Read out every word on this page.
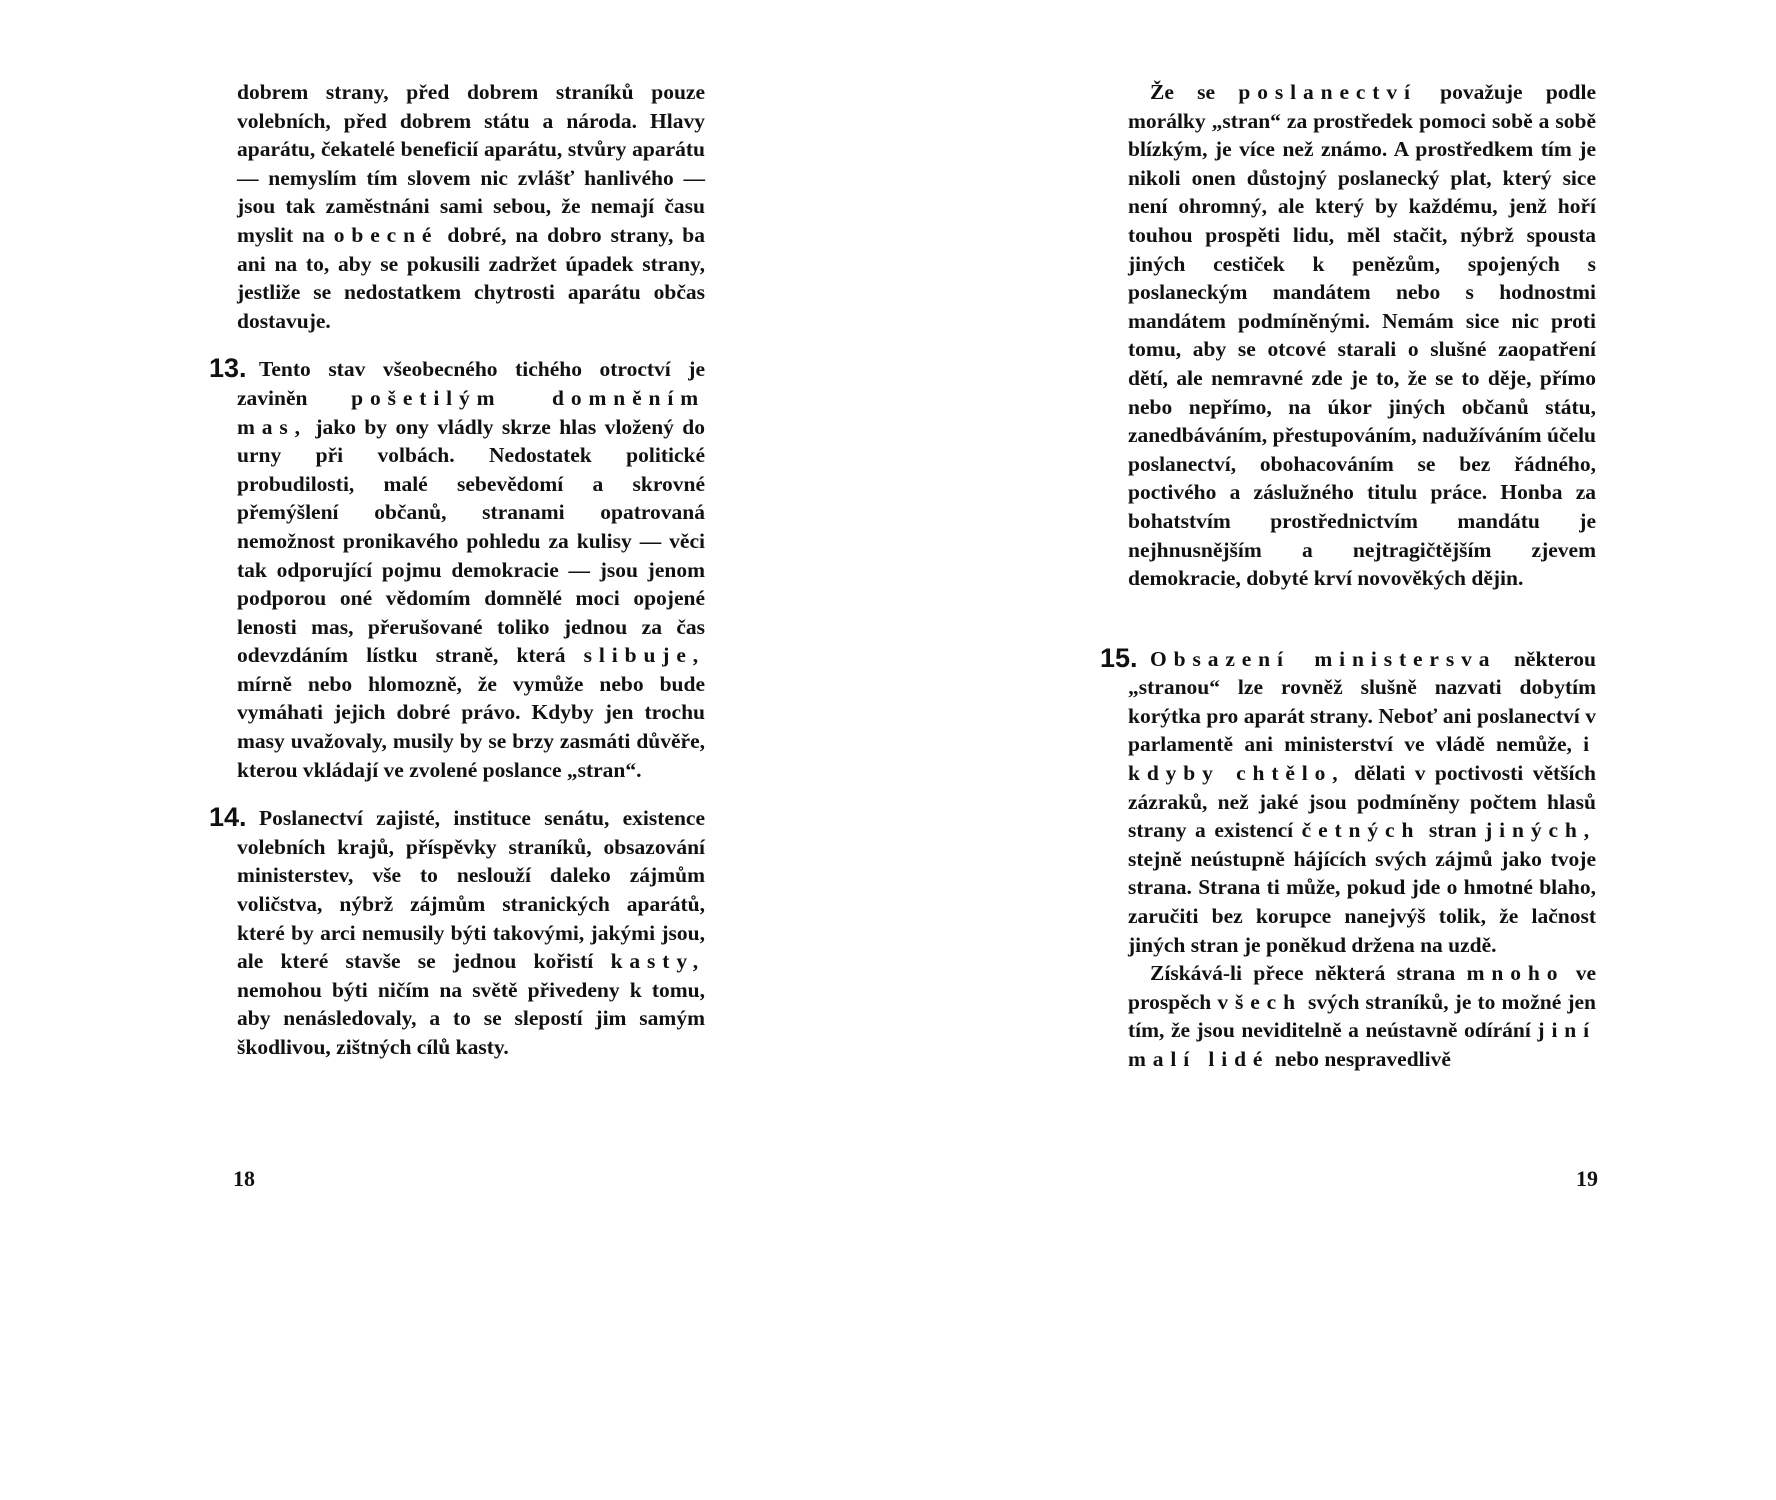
dobrem strany, před dobrem straníků pouze volebních, před dobrem státu a národa. Hlavy aparátu, čekatelé beneficií aparátu, stvůry aparátu — nemyslím tím slovem nic zvlášť hanlivého — jsou tak zaměstnáni sami sebou, že nemají času myslit na obecné dobré, na dobro strany, ba ani na to, aby se pokusili zadržet úpadek strany, jestliže se nedostatkem chytrosti aparátu občas dostavuje.

13. Tento stav všeobecného tichého otroctví je zaviněn pošetilým domněním mas, jako by ony vládly skrze hlas vložený do urny při volbách. Nedostatek politické probudilosti, malé sebevědomí a skrovné přemýšlení občanů, stranami opatrovaná nemožnost pronikavého pohledu za kulisy — věci tak odporující pojmu demokracie — jsou jenom podporou oné vědomím domnělé moci opojené lenosti mas, přerušované toliko jednou za čas odevzdáním lístku straně, která slibuje, mírně nebo hlomozně, že vymůže nebo bude vymáhati jejich dobré právo. Kdyby jen trochu masy uvažovaly, musily by se brzy zasmáti důvěře, kterou vkládají ve zvolené poslance „stran“.

14. Poslanectví zajisté, instituce senátu, existence volebních krajů, příspěvky straníků, obsazování ministerstev, vše to neslouží daleko zájmům voličstva, nýbrž zájmům stranických aparátů, které by arci nemusily býti takovými, jakými jsou, ale které stavše se jednou kořistí kasty, nemohou býti ničím na světě přivedeny k tomu, aby nenásledovaly, a to se slepostí jim samým škodlivou, zištných cílů kasty.

18

Že se poslanectví považuje podle morálky „stran“ za prostředek pomoci sobě a sobě blízkým, je více než známo. A prostředkem tím je nikoli onen důstojný poslanecký plat, který sice není ohromný, ale který by každému, jenž hoří touhou prospěti lidu, měl stačit, nýbrž spousta jiných cestiček k penězům, spojených s poslaneckým mandátem nebo s hodnostmi mandátem podmíněnými. Nemám sice nic proti tomu, aby se otcové starali o slušné zaopatření dětí, ale nemravné zde je to, že se to děje, přímo nebo nepřímo, na úkor jiných občanů státu, zanedbáváním, přestupováním, nadužíváním účelu poslanectví, obohacováním se bez řádného, poctivého a záslužného titulu práce. Honba za bohatstvím prostřednictvím mandátu je nejhnusnějším a nejtragičtějším zjevem demokracie, dobyté krví novověkých dějin.

15. Obsazení ministersva některou „stranou“ lze rovněž slušně nazvati dobytím korýtka pro aparát strany. Neboť ani poslanectví v parlamentě ani ministerství ve vládě nemůže, i kdyby chtělo, dělati v poctivosti větších zázraků, než jaké jsou podmíněny počtem hlasů strany a existencí četných stran jiných, stejně neústupně hájících svých zájmů jako tvoje strana. Strana ti může, pokud jde o hmotné blaho, zaručiti bez korupce nanejvýš tolik, že lačnost jiných stran je poněkud držena na uzdě.

Získává-li přece některá strana mnoho ve prospěch všech svých straníků, je to možné jen tím, že jsou neviditelně a neústavně odírání jiní malí lidé nebo nespravedlivě

19
